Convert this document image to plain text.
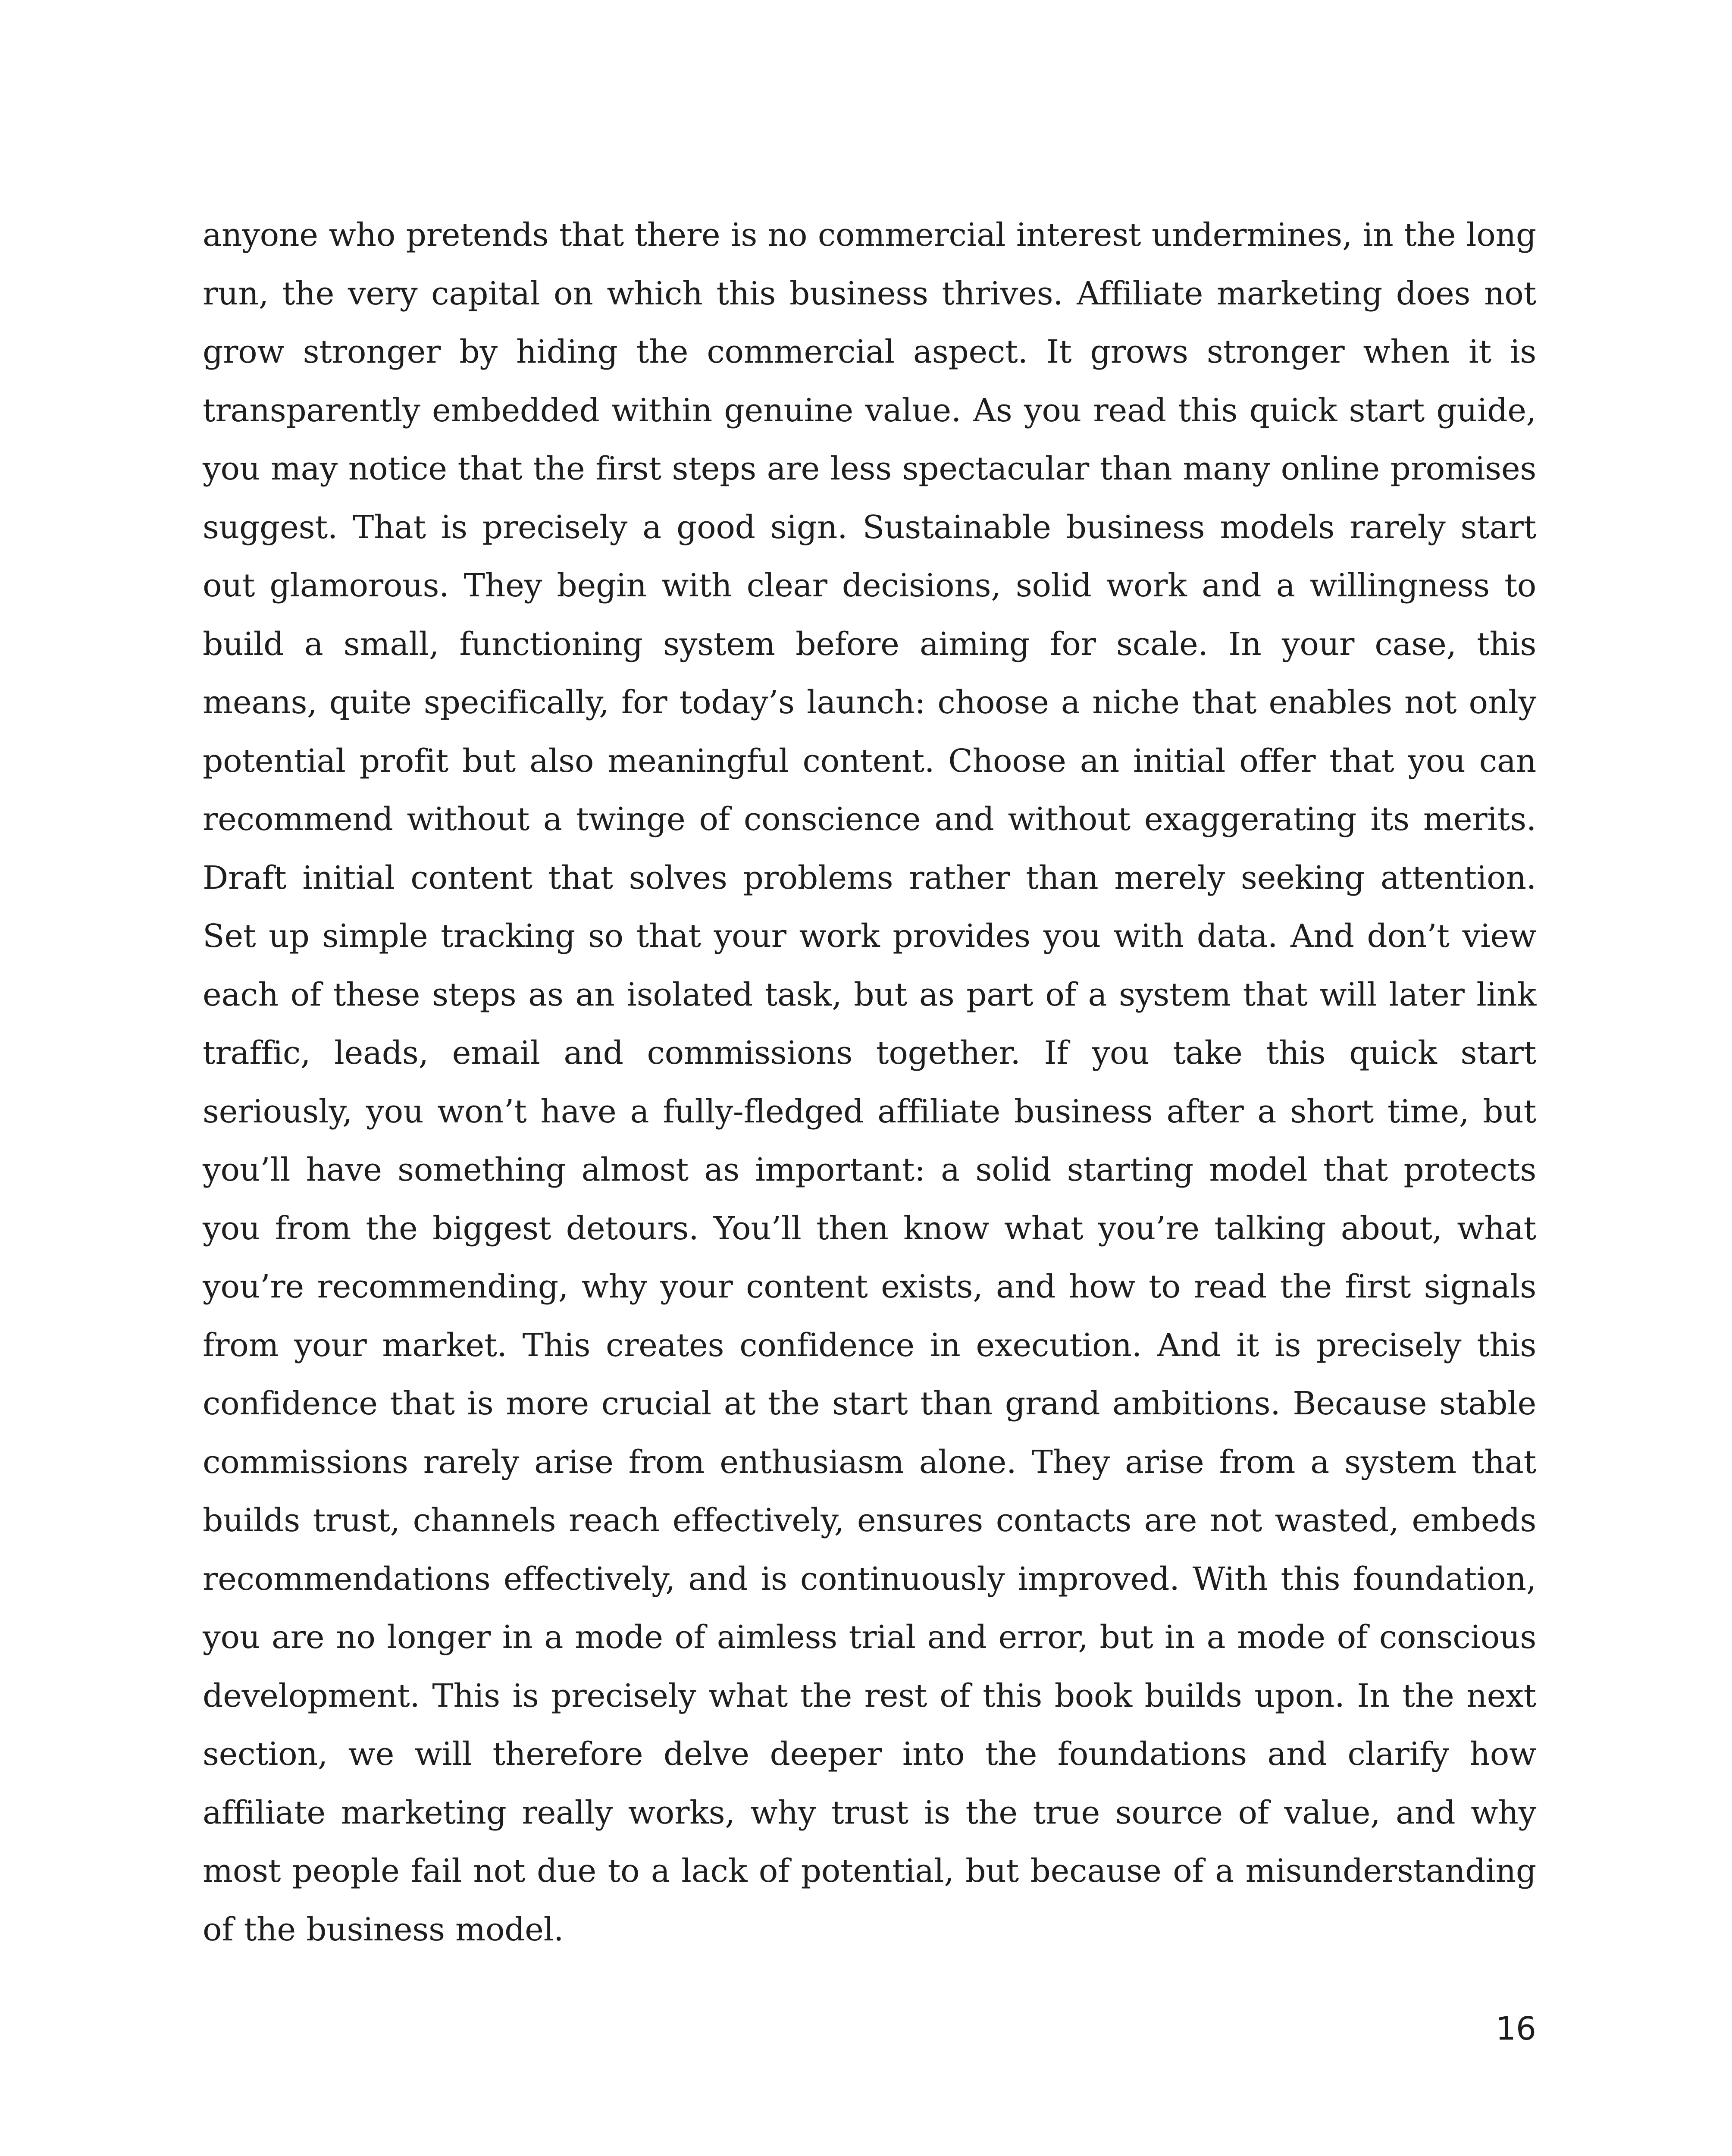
anyone who pretends that there is no commercial interest undermines, in the long run, the very capital on which this business thrives. Affiliate marketing does not grow stronger by hiding the commercial aspect. It grows stronger when it is transparently embedded within genuine value. As you read this quick start guide, you may notice that the first steps are less spectacular than many online promises suggest. That is precisely a good sign. Sustainable business models rarely start out glamorous. They begin with clear decisions, solid work and a willingness to build a small, functioning system before aiming for scale. In your case, this means, quite specifically, for today’s launch: choose a niche that enables not only potential profit but also meaningful content. Choose an initial offer that you can recommend without a twinge of conscience and without exaggerating its merits. Draft initial content that solves problems rather than merely seeking attention. Set up simple tracking so that your work provides you with data. And don’t view each of these steps as an isolated task, but as part of a system that will later link traffic, leads, email and commissions together. If you take this quick start seriously, you won’t have a fully-fledged affiliate business after a short time, but you’ll have something almost as important: a solid starting model that protects you from the biggest detours. You’ll then know what you’re talking about, what you’re recommending, why your content exists, and how to read the first signals from your market. This creates confidence in execution. And it is precisely this confidence that is more crucial at the start than grand ambitions. Because stable commissions rarely arise from enthusiasm alone. They arise from a system that builds trust, channels reach effectively, ensures contacts are not wasted, embeds recommendations effectively, and is continuously improved. With this foundation, you are no longer in a mode of aimless trial and error, but in a mode of conscious development. This is precisely what the rest of this book builds upon. In the next section, we will therefore delve deeper into the foundations and clarify how affiliate marketing really works, why trust is the true source of value, and why most people fail not due to a lack of potential, but because of a misunderstanding of the business model.

16
